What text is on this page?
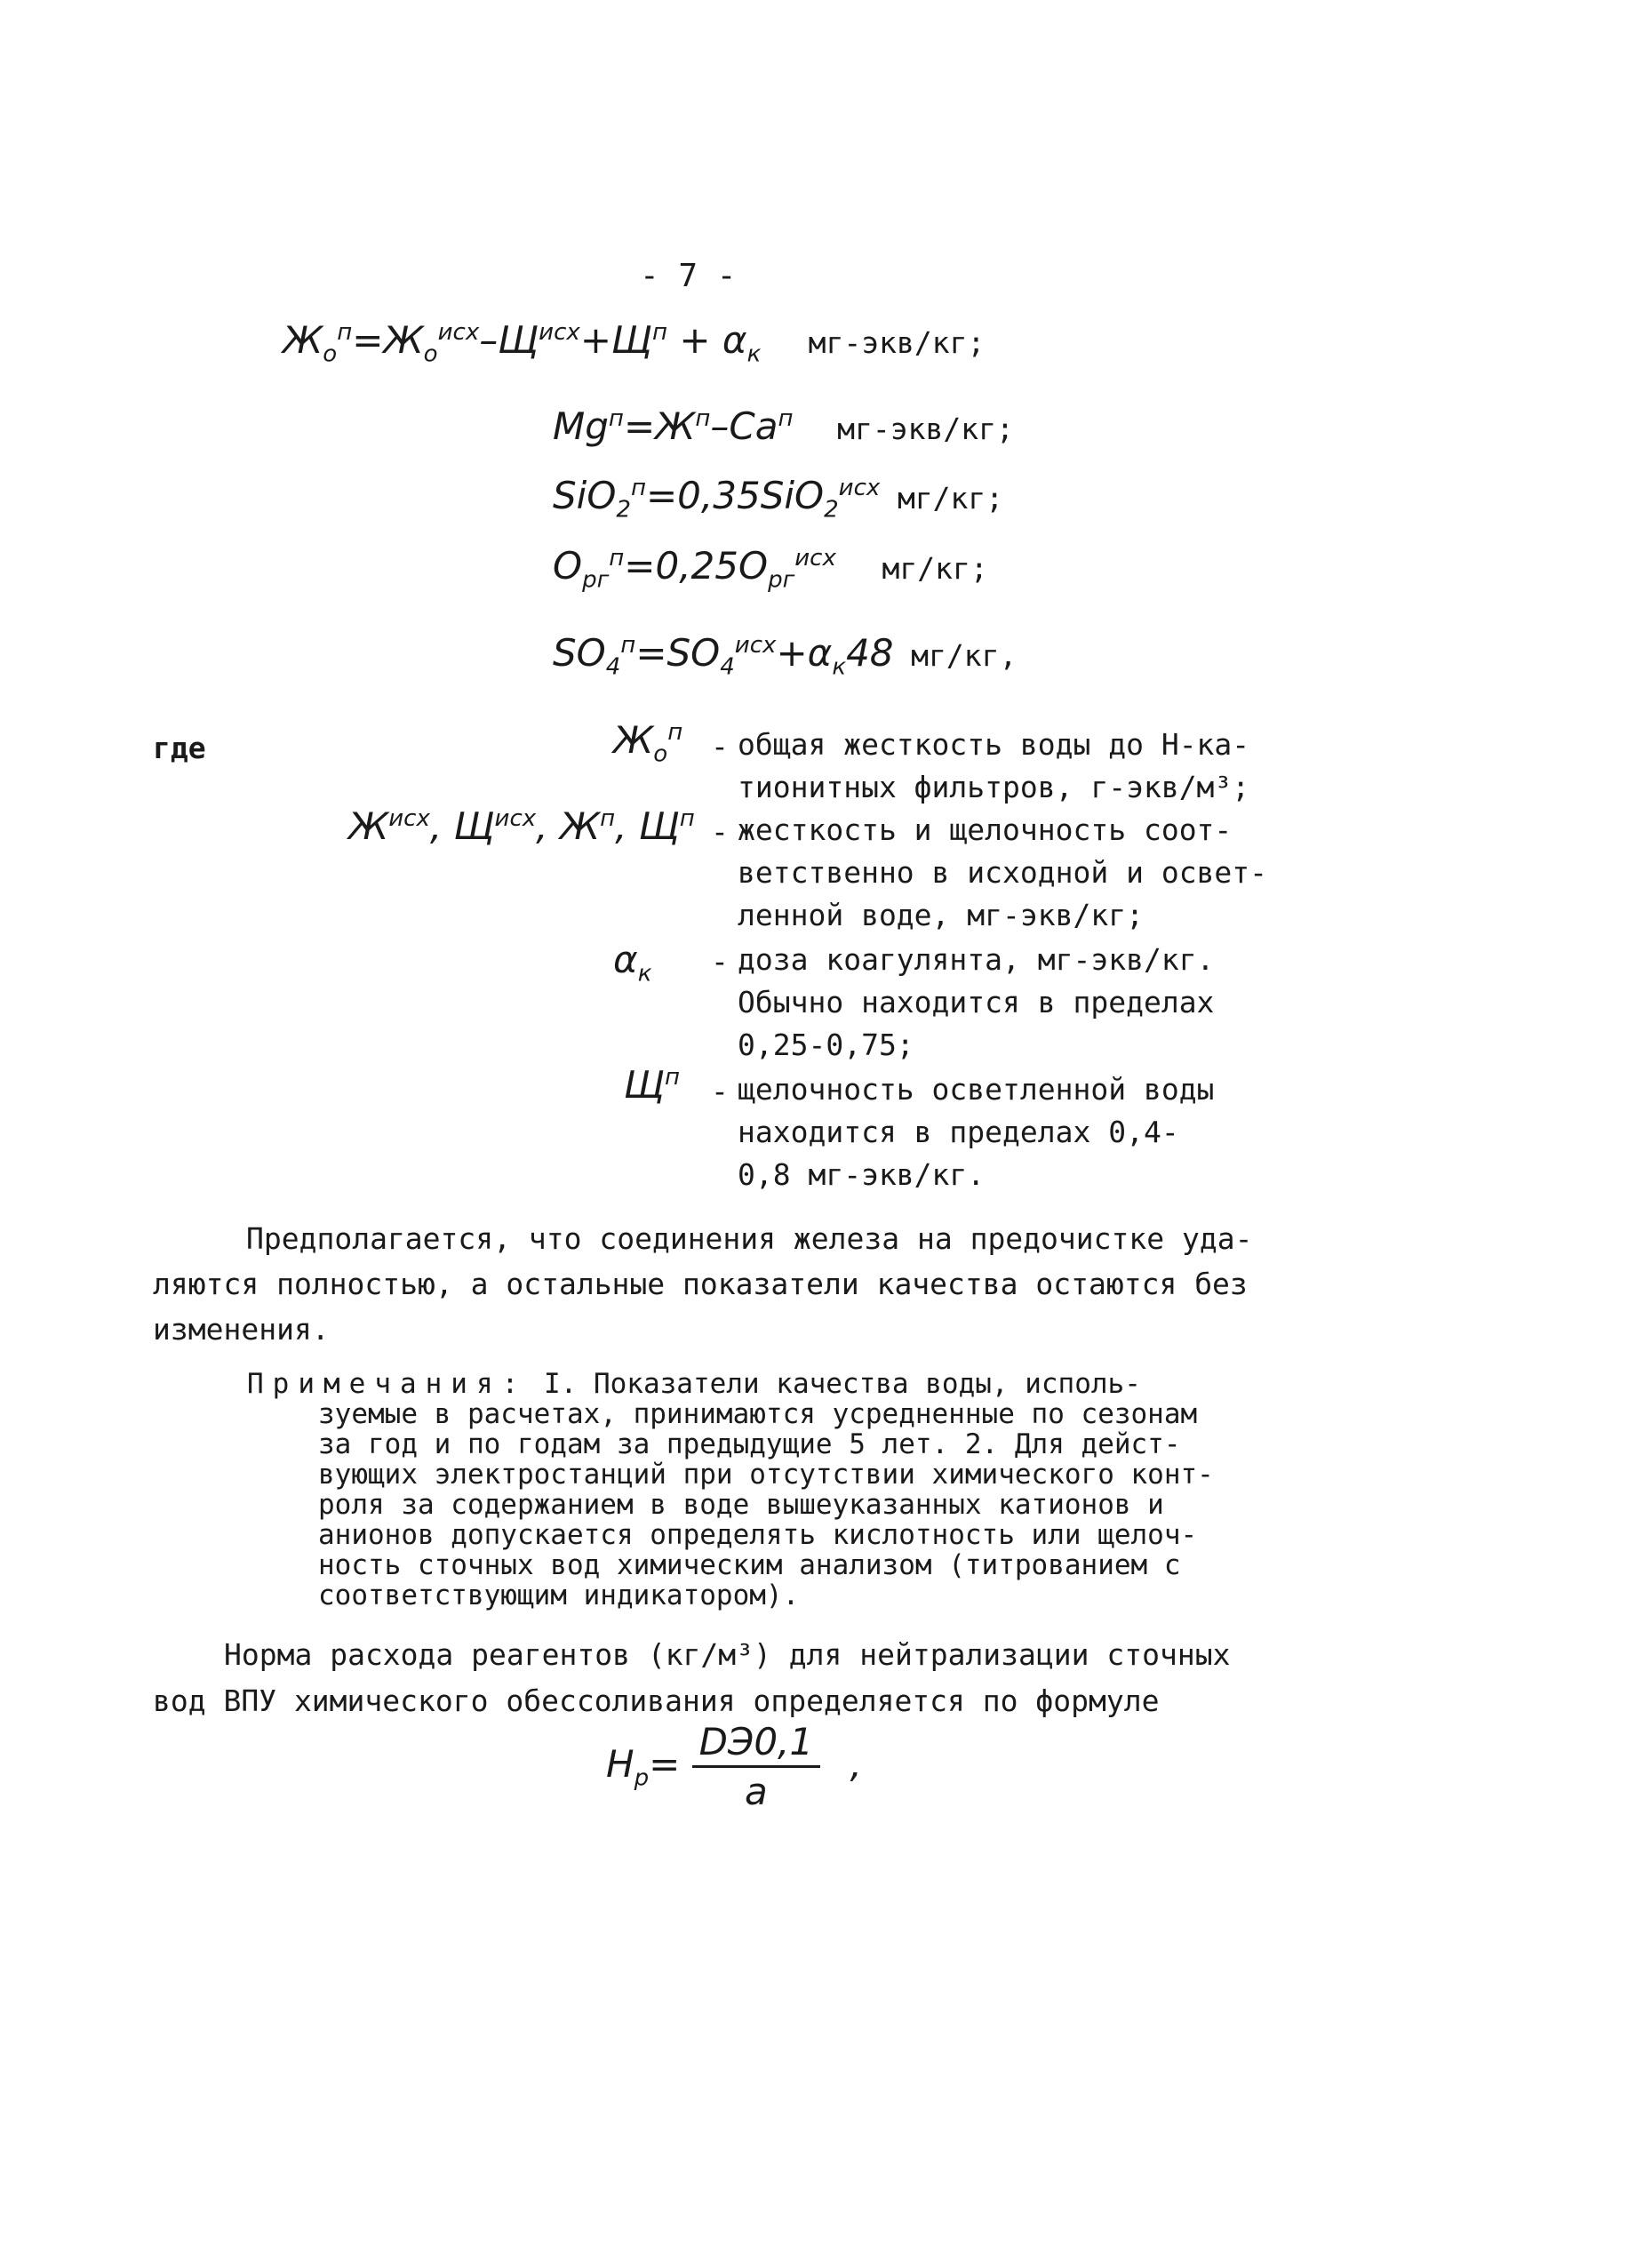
- 7 -
$Ж_о^п=Ж_о^{исх}-Щ^{исх}+Щ^п + \alpha_к$ мг-экв/кг;
$Mg^п=Ж^п-Ca^п$ мг-экв/кг;
SiO$_2^п$=0,35SiO$_2^{исх}$ мг/кг;
$O_{рг}^п=0,25O_{рг}^{исх}$ мг/кг;
$SO_4^п=SO_4^{исх}+\alpha_к48$ мг/кг,
где	$Ж_о^п$ - общая жесткость воды до Н-ка-
тионитных фильтров, г-экв/м³;
$Ж^{исх}$, $Щ^{исх}$, $Ж^п$, $Щ^п$ - жесткость и щелочность соот-
ветственно в исходной и освет-
ленной воде, мг-экв/кг;
$\alpha_к$ - доза коагулянта, мг-экв/кг.
Обычно находится в пределах
0,25-0,75;
$Щ^п$ - щелочность осветленной воды
находится в пределах 0,4-
0,8 мг-экв/кг.
Предполагается, что соединения железа на предочистке уда-
ляются полностью, а остальные показатели качества остаются без
изменения.
Примечания: I. Показатели качества воды, исполь-
зуемые в расчетах, принимаются усредненные по сезонам
за год и по годам за предыдущие 5 лет. 2. Для дейст-
вующих электростанций при отсутствии химического конт-
роля за содержанием в воде вышеуказанных катионов и
анионов допускается определять кислотность или щелоч-
ность сточных вод химическим анализом (титрованием с
соответствующим индикатором).
Норма расхода реагентов (кг/м³) для нейтрализации сточных
вод ВПУ химического обессоливания определяется по формуле
$Н_р= \frac{DЭ0,1}{a}$ ,
